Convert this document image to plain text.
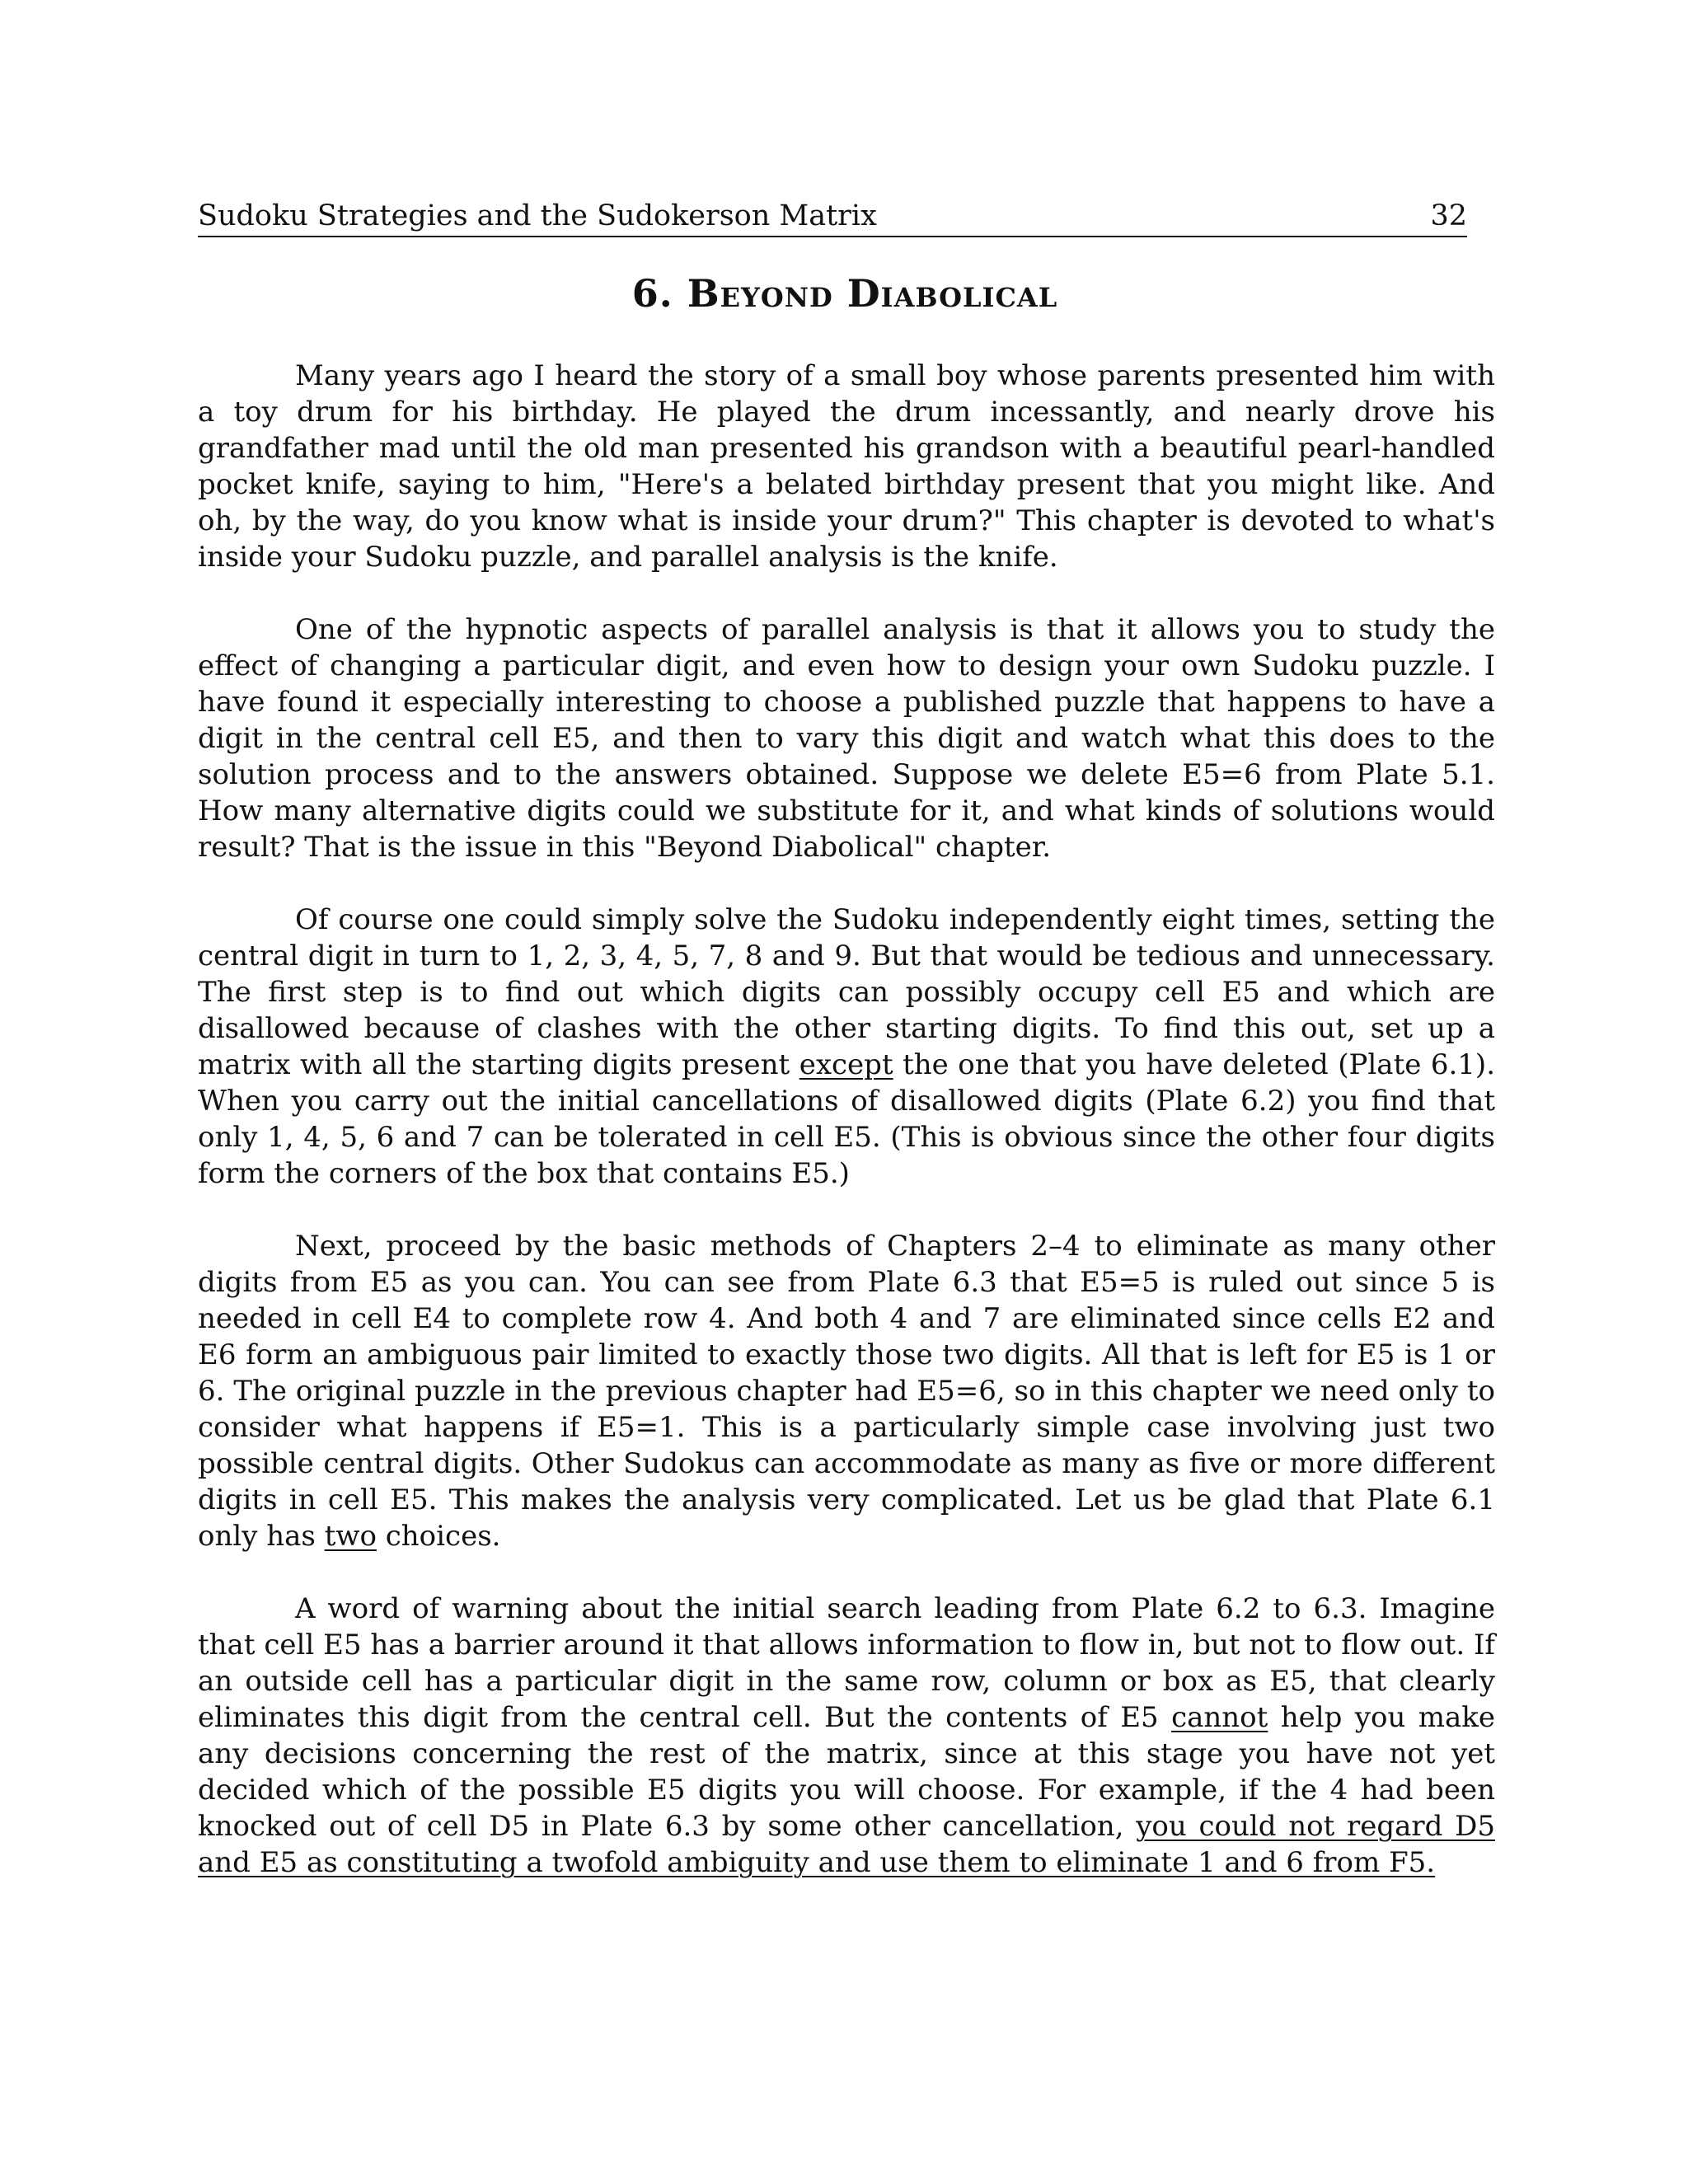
Sudoku Strategies and the Sudokerson Matrix	32
6. Beyond Diabolical

Many years ago I heard the story of a small boy whose parents presented him with a toy drum for his birthday. He played the drum incessantly, and nearly drove his grandfather mad until the old man presented his grandson with a beautiful pearl-handled pocket knife, saying to him, "Here's a belated birthday present that you might like. And oh, by the way, do you know what is inside your drum?" This chapter is devoted to what's inside your Sudoku puzzle, and parallel analysis is the knife.

One of the hypnotic aspects of parallel analysis is that it allows you to study the effect of changing a particular digit, and even how to design your own Sudoku puzzle. I have found it especially interesting to choose a published puzzle that happens to have a digit in the central cell E5, and then to vary this digit and watch what this does to the solution process and to the answers obtained. Suppose we delete E5=6 from Plate 5.1. How many alternative digits could we substitute for it, and what kinds of solutions would result? That is the issue in this "Beyond Diabolical" chapter.

Of course one could simply solve the Sudoku independently eight times, setting the central digit in turn to 1, 2, 3, 4, 5, 7, 8 and 9. But that would be tedious and unnecessary. The first step is to find out which digits can possibly occupy cell E5 and which are disallowed because of clashes with the other starting digits. To find this out, set up a matrix with all the starting digits present except the one that you have deleted (Plate 6.1). When you carry out the initial cancellations of disallowed digits (Plate 6.2) you find that only 1, 4, 5, 6 and 7 can be tolerated in cell E5. (This is obvious since the other four digits form the corners of the box that contains E5.)

Next, proceed by the basic methods of Chapters 2–4 to eliminate as many other digits from E5 as you can. You can see from Plate 6.3 that E5=5 is ruled out since 5 is needed in cell E4 to complete row 4. And both 4 and 7 are eliminated since cells E2 and E6 form an ambiguous pair limited to exactly those two digits. All that is left for E5 is 1 or 6. The original puzzle in the previous chapter had E5=6, so in this chapter we need only to consider what happens if E5=1. This is a particularly simple case involving just two possible central digits. Other Sudokus can accommodate as many as five or more different digits in cell E5. This makes the analysis very complicated. Let us be glad that Plate 6.1 only has two choices.

A word of warning about the initial search leading from Plate 6.2 to 6.3. Imagine that cell E5 has a barrier around it that allows information to flow in, but not to flow out. If an outside cell has a particular digit in the same row, column or box as E5, that clearly eliminates this digit from the central cell. But the contents of E5 cannot help you make any decisions concerning the rest of the matrix, since at this stage you have not yet decided which of the possible E5 digits you will choose. For example, if the 4 had been knocked out of cell D5 in Plate 6.3 by some other cancellation, you could not regard D5 and E5 as constituting a twofold ambiguity and use them to eliminate 1 and 6 from F5.
